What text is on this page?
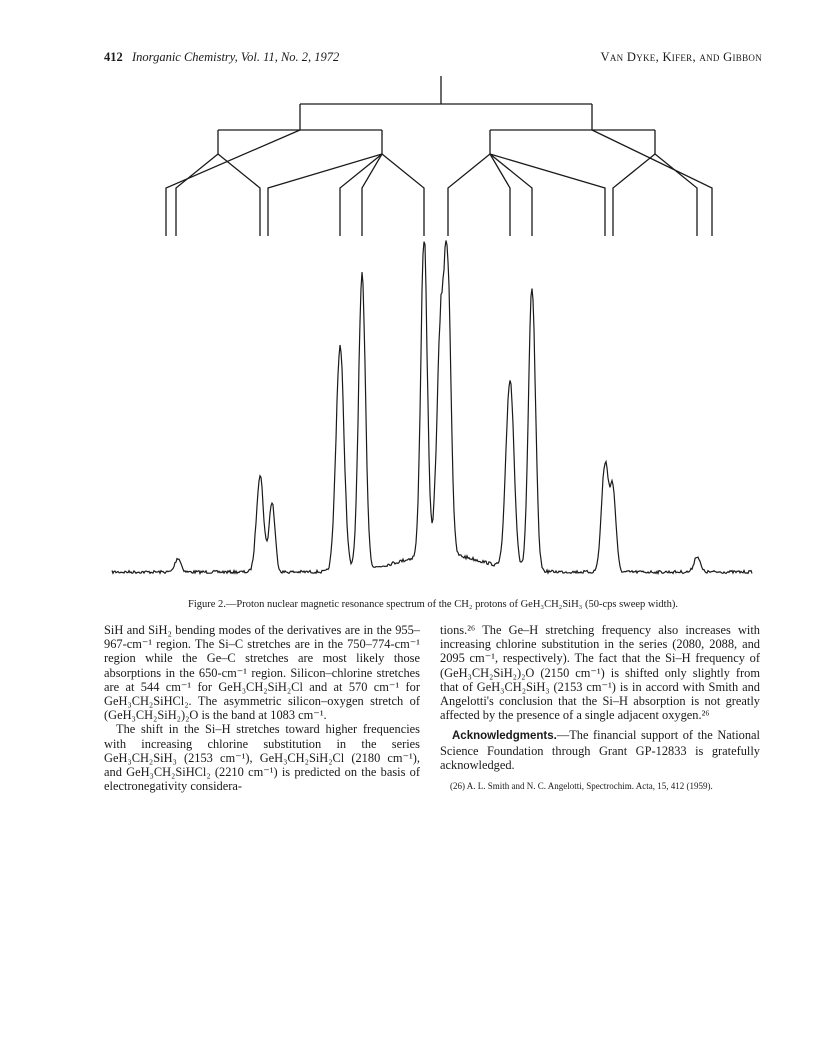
412 Inorganic Chemistry, Vol. 11, No. 2, 1972	Van Dyke, Kifer, and Gibbon
Figure 2.—Proton nuclear magnetic resonance spectrum of the CH₂ protons of GeH₃CH₂SiH₃ (50-cps sweep width).

SiH and SiH₂ bending modes of the derivatives are in the 955–967-cm⁻¹ region. The Si–C stretches are in the 750–774-cm⁻¹ region while the Ge–C stretches are most likely those absorptions in the 650-cm⁻¹ region. Silicon–chlorine stretches are at 544 cm⁻¹ for GeH₃CH₂SiH₂Cl and at 570 cm⁻¹ for GeH₃CH₂SiHCl₂. The asymmetric silicon–oxygen stretch of (GeH₃CH₂SiH₂)₂O is the band at 1083 cm⁻¹.

The shift in the Si–H stretches toward higher frequencies with increasing chlorine substitution in the series GeH₃CH₂SiH₃ (2153 cm⁻¹), GeH₃CH₂SiH₂Cl (2180 cm⁻¹), and GeH₃CH₂SiHCl₂ (2210 cm⁻¹) is predicted on the basis of electronegativity considera-

tions.²⁶ The Ge–H stretching frequency also increases with increasing chlorine substitution in the series (2080, 2088, and 2095 cm⁻¹, respectively). The fact that the Si–H frequency of (GeH₃CH₂SiH₂)₂O (2150 cm⁻¹) is shifted only slightly from that of GeH₃CH₂SiH₃ (2153 cm⁻¹) is in accord with Smith and Angelotti's conclusion that the Si–H absorption is not greatly affected by the presence of a single adjacent oxygen.²⁶

Acknowledgments.—The financial support of the National Science Foundation through Grant GP-12833 is gratefully acknowledged.

(26) A. L. Smith and N. C. Angelotti, Spectrochim. Acta, 15, 412 (1959).
